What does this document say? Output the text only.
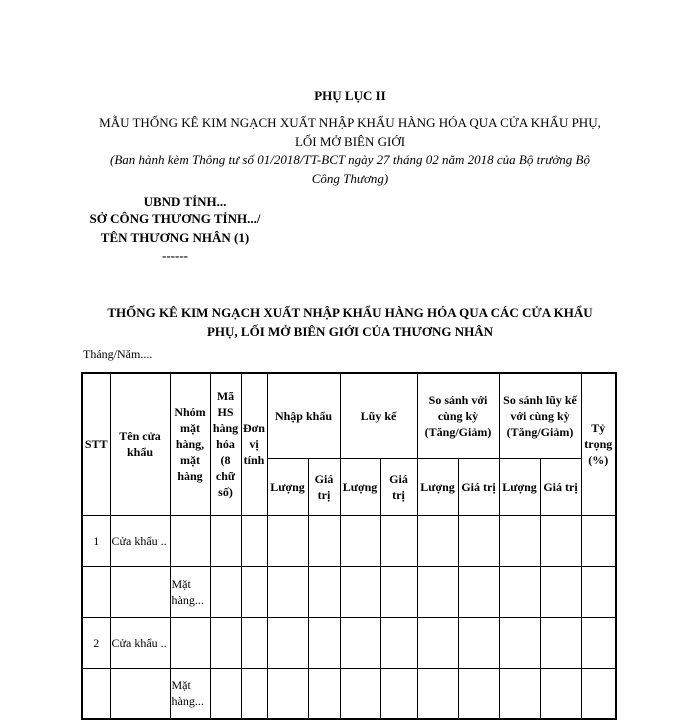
PHỤ LỤC II
MẪU THỐNG KÊ KIM NGẠCH XUẤT NHẬP KHẨU HÀNG HÓA QUA CỬA KHẨU PHỤ,
LỐI MỞ BIÊN GIỚI
(Ban hành kèm Thông tư số 01/2018/TT-BCT ngày 27 tháng 02 năm 2018 của Bộ trưởng Bộ
Công Thương)
UBND TỈNH...
SỞ CÔNG THƯƠNG TỈNH.../
TÊN THƯƠNG NHÂN (1)
------
THỐNG KÊ KIM NGẠCH XUẤT NHẬP KHẨU HÀNG HÓA QUA CÁC CỬA KHẨU
PHỤ, LỐI MỞ BIÊN GIỚI CỦA THƯƠNG NHÂN
Tháng/Năm....
STT	Tên cửa khẩu	Nhóm mặt hàng, mặt hàng	Mã HS hàng hóa (8 chữ số)	Đơn vị tính	Nhập khẩu		Lũy kế		So sánh với cùng kỳ (Tăng/Giảm)		So sánh lũy kế với cùng kỳ (Tăng/Giảm)		Tỷ trọng (%)
					Lượng	Giá trị	Lượng	Giá trị	Lượng	Giá trị	Lượng	Giá trị	
1	Cửa khẩu ..												
		Mặt hàng...											
2	Cửa khẩu ..												
		Mặt hàng...											
